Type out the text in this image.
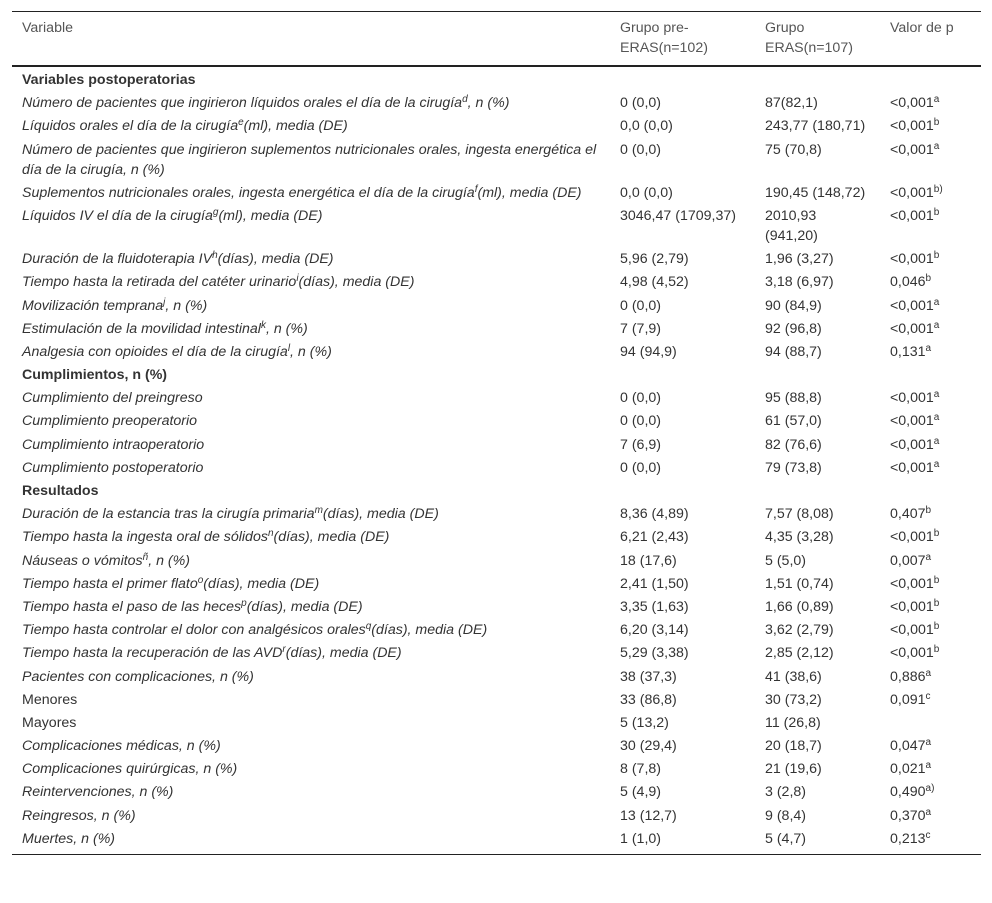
Variable	Grupo pre-ERAS(n=102)	Grupo ERAS(n=107)	Valor de p
Variables postoperatorias			
Número de pacientes que ingirieron líquidos orales el día de la cirugía$^d$, n (%)	0 (0,0)	87(82,1)	<0,001$^a$
Líquidos orales el día de la cirugía$^e$(ml), media (DE)	0,0 (0,0)	243,77 (180,71)	<0,001$^b$
Número de pacientes que ingirieron suplementos nutricionales orales, ingesta energética el día de la cirugía, n (%)	0 (0,0)	75 (70,8)	<0,001$^a$
Suplementos nutricionales orales, ingesta energética el día de la cirugía$^f$(ml), media (DE)	0,0 (0,0)	190,45 (148,72)	$<0,001^{b)}$
Líquidos IV el día de la cirugía$^g$(ml), media (DE)	3046,47 (1709,37)	2010,93 (941,20)	<0,001$^b$
Duración de la fluidoterapia $IV^h(días)$, media (DE)	5,96 (2,79)	1,96 (3,27)	<0,001$^b$
Tiempo hasta la retirada del catéter urinario$^i$(días), media (DE)	4,98 (4,52)	3,18 (6,97)	0,046$^b$
Movilización temprana$^j$, n (%)	0 (0,0)	90 (84,9)	<0,001$^a$
Estimulación de la movilidad intestinal$^k$, n (%)	7 (7,9)	92 (96,8)	<0,001$^a$
Analgesia con opioides el día de la cirugía$^l$, n (%)	94 (94,9)	94 (88,7)	0,131$^a$
Cumplimientos, n (%)			
Cumplimiento del preingreso	0 (0,0)	95 (88,8)	<0,001$^a$
Cumplimiento preoperatorio	0 (0,0)	61 (57,0)	<0,001$^a$
Cumplimiento intraoperatorio	7 (6,9)	82 (76,6)	<0,001$^a$
Cumplimiento postoperatorio	0 (0,0)	79 (73,8)	<0,001$^a$
Resultados			
Duración de la estancia tras la cirugía primaria$^m$(días), media (DE)	8,36 (4,89)	7,57 (8,08)	0,407$^b$
Tiempo hasta la ingesta oral de sólidos$^n$(días), media (DE)	6,21 (2,43)	4,35 (3,28)	<0,001$^b$
Náuseas o vómitos$^ñ$, n (%)	18 (17,6)	5 (5,0)	0,007$^a$
Tiempo hasta el primer flato$^o$(días), media (DE)	2,41 (1,50)	1,51 (0,74)	<0,001$^b$
Tiempo hasta el paso de las heces$^p$(días), media (DE)	3,35 (1,63)	1,66 (0,89)	<0,001$^b$
Tiempo hasta controlar el dolor con analgésicos orales$^q$(días), media (DE)	6,20 (3,14)	3,62 (2,79)	<0,001$^b$
Tiempo hasta la recuperación de las AVD$^r$(días), media (DE)	5,29 (3,38)	2,85 (2,12)	<0,001$^b$
Pacientes con complicaciones, n (%)	38 (37,3)	41 (38,6)	0,886$^a$
Menores	33 (86,8)	30 (73,2)	0,091$^c$
Mayores	5 (13,2)	11 (26,8)	
Complicaciones médicas, n (%)	30 (29,4)	20 (18,7)	0,047$^a$
Complicaciones quirúrgicas, n (%)	8 (7,8)	21 (19,6)	0,021$^a$
Reintervenciones, n (%)	5 (4,9)	3 (2,8)	0,490$^{a)}$
Reingresos, n (%)	13 (12,7)	9 (8,4)	0,370$^a$
Muertes, n (%)	1 (1,0)	5 (4,7)	0,213$^c$
